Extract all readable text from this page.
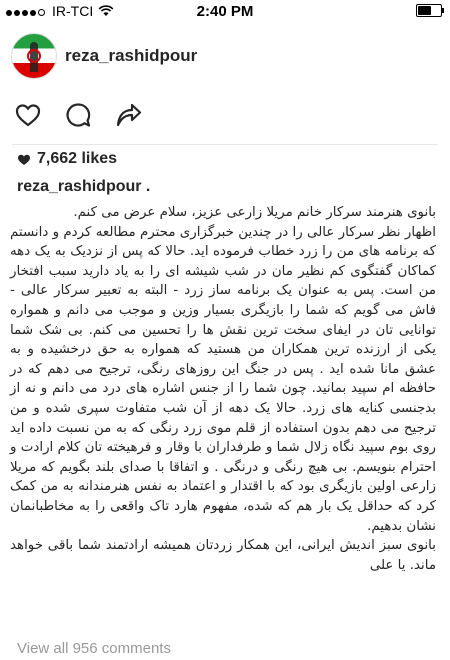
IR-TCI	2:40 PM
reza_rashidpour
7,662 likes
reza_rashidpour .

بانوی هنرمند سرکار خانم مریلا زارعی عزیز، سلام عرض می کنم.

اظهار نظر سرکار عالی را در چندین خبرگزاری محترم مطالعه کردم و دانستم که برنامه های من را زرد خطاب فرموده اید. حالا که پس از نزدیک به یک دهه کماکان گفتگوی کم نظیر مان در شب شیشه ای را به یاد دارید سبب افتخار من است. پس به عنوان یک برنامه ساز زرد - البته به تعبیر سرکار عالی - فاش می گویم که شما را بازیگری بسیار وزین و موجب می دانم و همواره توانایی تان در ایفای سخت ترین نقش ها را تحسین می کنم. بی شک شما یکی از ارزنده ترین همکاران من هستید که همواره به حق درخشیده و به عشق مانا شده اید . پس در جنگ این روزهای رنگی، ترجیح می دهم که در حافظه ام سپید بمانید. چون شما را از جنس اشاره های درد می دانم و نه از بدجنسی کنایه های زرد. حالا یک دهه از آن شب متفاوت سپری شده و من ترجیح می دهم بدون استفاده از قلم موی زرد رنگی که به من نسبت داده اید روی بوم سپید نگاه زلال شما و طرفداران با وقار و فرهیخته تان کلام ارادت و احترام بنویسم. بی هیچ رنگی و درنگی . و اتفاقا با صدای بلند بگویم که مریلا زارعی اولین بازیگری بود که با اقتدار و اعتماد به نفس هنرمندانه به من کمک کرد که حداقل یک بار هم که شده، مفهوم هارد تاک واقعی را به مخاطبانمان نشان بدهیم.

بانوی سبز اندیش ایرانی، این همکار زردتان همیشه ارادتمند شما باقی خواهد ماند. یا علی

View all 956 comments
